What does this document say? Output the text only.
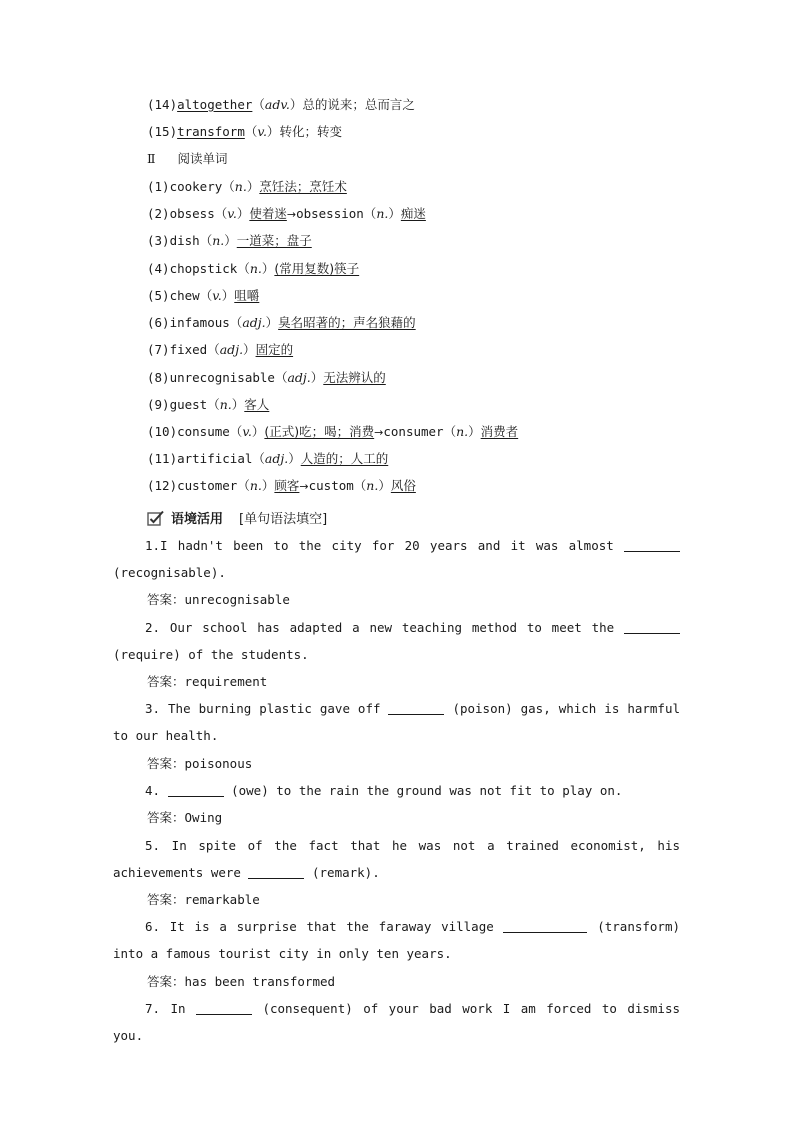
(14)altogether（adv.）总的说来；总而言之
(15)transform（v.）转化；转变
Ⅱ 阅读单词
(1)cookery（n.）烹饪法；烹饪术
(2)obsess（v.）使着迷→obsession（n.）痴迷
(3)dish（n.）一道菜；盘子
(4)chopstick（n.）(常用复数)筷子
(5)chew（v.）咀嚼
(6)infamous（adj.）臭名昭著的；声名狼藉的
(7)fixed（adj.）固定的
(8)unrecognisable（adj.）无法辨认的
(9)guest（n.）客人
(10)consume（v.）(正式)吃；喝；消费→consumer（n.）消费者
(11)artificial（adj.）人造的；人工的
(12)customer（n.）顾客→custom（n.）风俗
语境活用 [单句语法填空]

1.I hadn't been to the city for 20 years and it was almost  (recognisable).

答案：unrecognisable

2. Our school has adapted a new teaching method to meet the  (require) of the students.

答案：requirement

3. The burning plastic gave off	(poison) gas, which is harmful to our health.

答案：poisonous

4.	(owe) to the rain the ground was not fit to play on.

答案：Owing

5. In spite of the fact that he was not a trained economist, his achievements were	(remark).

答案：remarkable

6. It is a surprise that the faraway village	(transform) into a famous tourist city in only ten years.

答案：has been transformed

7. In	(consequent) of your bad work I am forced to dismiss you.
